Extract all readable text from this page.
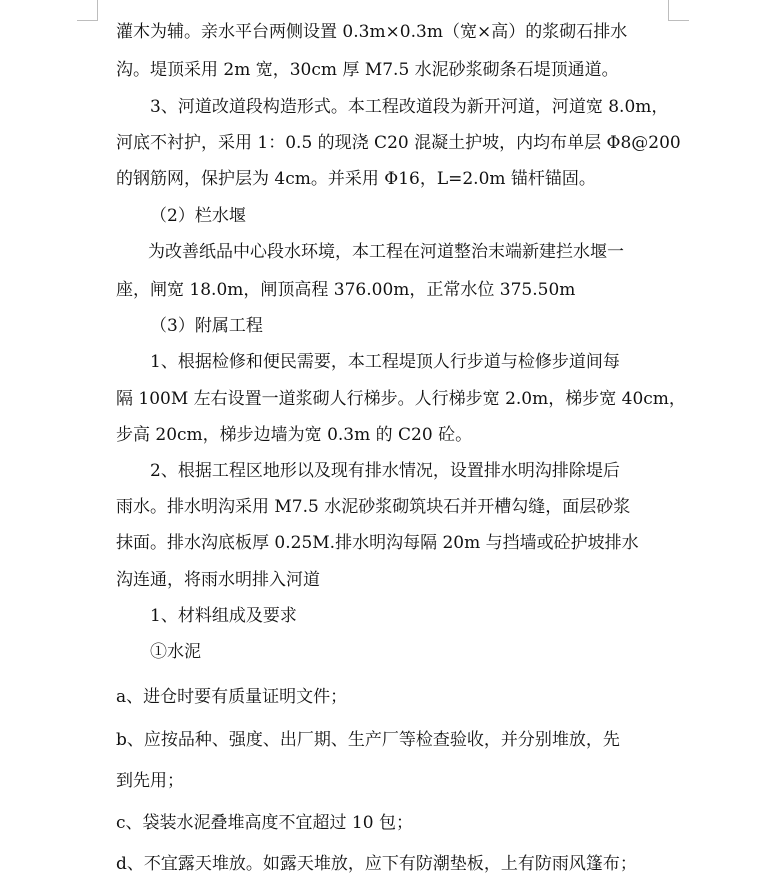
灌木为辅。亲水平台两侧设置 0.3m×0.3m（宽×高）的浆砌石排水
沟。堤顶采用 2m 宽，30cm 厚 M7.5 水泥砂浆砌条石堤顶通道。
3、河道改道段构造形式。本工程改道段为新开河道，河道宽 8.0m，
河底不衬护，采用 1：0.5 的现浇 C20 混凝土护坡，内均布单层 Φ8@200
的钢筋网，保护层为 4cm。并采用 Φ16，L=2.0m 锚杆锚固。
（2）栏水堰
为改善纸品中心段水环境，本工程在河道整治末端新建拦水堰一
座，闸宽 18.0m，闸顶高程 376.00m，正常水位 375.50m
（3）附属工程
1、根据检修和便民需要，本工程堤顶人行步道与检修步道间每
隔 100M 左右设置一道浆砌人行梯步。人行梯步宽 2.0m，梯步宽 40cm，
步高 20cm，梯步边墙为宽 0.3m 的 C20 砼。
2、根据工程区地形以及现有排水情况，设置排水明沟排除堤后
雨水。排水明沟采用 M7.5 水泥砂浆砌筑块石并开槽勾缝，面层砂浆
抹面。排水沟底板厚 0.25M.排水明沟每隔 20m 与挡墙或砼护坡排水
沟连通，将雨水明排入河道
1、材料组成及要求
①水泥
a、进仓时要有质量证明文件；
b、应按品种、强度、出厂期、生产厂等检查验收，并分别堆放，先
到先用；
c、袋装水泥叠堆高度不宜超过 10 包；
d、不宜露天堆放。如露天堆放，应下有防潮垫板，上有防雨风篷布；
